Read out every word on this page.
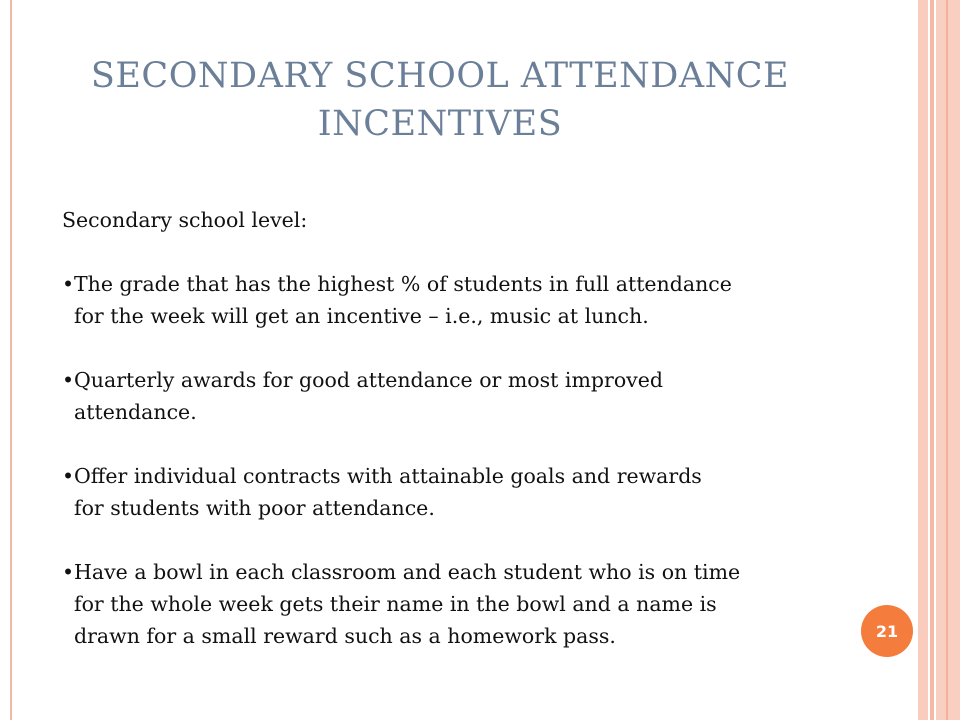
SECONDARY SCHOOL ATTENDANCE
INCENTIVES

Secondary school level:

• The grade that has the highest % of students in full attendance
for the week will get an incentive – i.e., music at lunch.
• Quarterly awards for good attendance or most improved
attendance.
• Offer individual contracts with attainable goals and rewards
for students with poor attendance.
• Have a bowl in each classroom and each student who is on time
for the whole week gets their name in the bowl and a name is
drawn for a small reward such as a homework pass.	21
